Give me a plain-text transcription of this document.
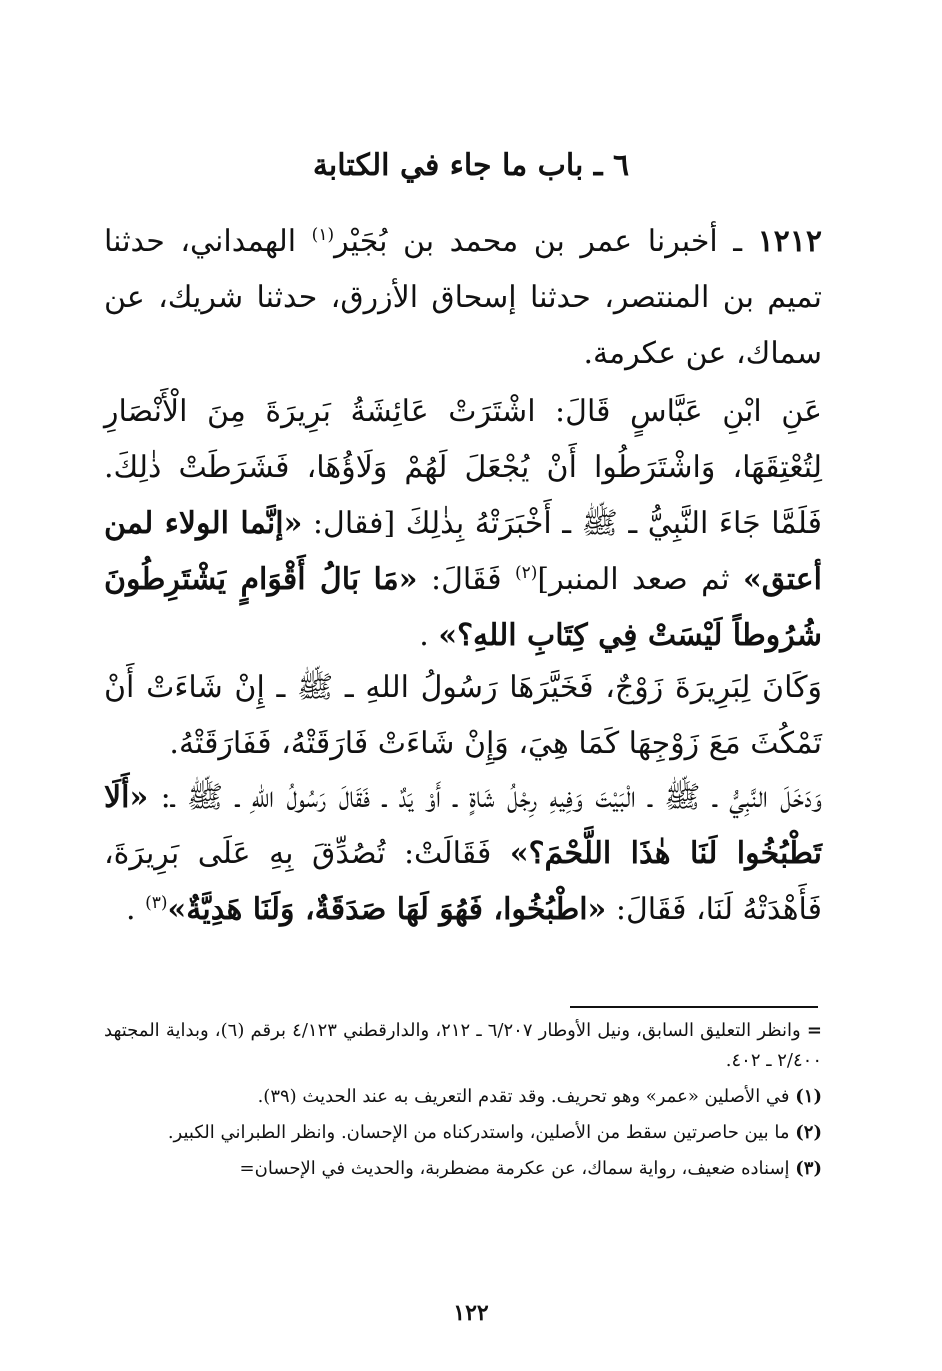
٦ ـ باب ما جاء في الكتابة
١٢١٢ ـ أخبرنا عمر بن محمد بن بُجَيْر$^{(١)}$ الهمداني، حدثنا تميم بن المنتصر، حدثنا إسحاق الأزرق، حدثنا شريك، عن سماك، عن عكرمة.
عَنِ ابْنِ عَبَّاسٍ قَالَ: اشْتَرَتْ عَائِشَةُ بَرِيرَةَ مِنَ الْأَنْصَارِ لِتُعْتِقَهَا، وَاشْتَرَطُوا أَنْ يُجْعَلَ لَهُمْ وَلَاؤُهَا، فَشَرَطَتْ ذٰلِكَ. فَلَمَّا جَاءَ النَّبِيُّ ـ ﷺ ـ أَخْبَرَتْهُ بِذٰلِكَ [فقال: «إنَّما الولاء لمن أعتق» ثم صعد المنبر]$^{(٢)}$ فَقَالَ: «مَا بَالُ أَقْوَامٍ يَشْتَرِطُونَ شُرُوطاً لَيْسَتْ فِي كِتَابِ اللهِ؟» .
وَكَانَ لِبَرِيرَةَ زَوْجٌ، فَخَيَّرَهَا رَسُولُ اللهِ ـ ﷺ ـ إِنْ شَاءَتْ أَنْ تَمْكُثَ مَعَ زَوْجِهَا كَمَا هِيَ، وَإِنْ شَاءَتْ فَارَقَتْهُ، فَفَارَقَتْهُ.
وَدَخَلَ النَّبِيُّ ـ ﷺ ـ الْبَيْتَ وَفِيهِ رِجْلُ شَاةٍ ـ أَوْ يَدٌ ـ فَقَالَ رَسُولُ اللهِ ـ ﷺ ـ: «أَلَا تَطْبُخُوا لَنَا هٰذَا اللَّحْمَ؟» فَقَالَتْ: تُصُدِّقَ بِهِ عَلَى بَرِيرَةَ، فَأَهْدَتْهُ لَنَا، فَقَالَ: «اطْبُخُوا، فَهُوَ لَهَا صَدَقَةٌ، وَلَنَا هَدِيَّةٌ»$^{(٣)}$ .

= وانظر التعليق السابق، ونيل الأوطار ٦/٢٠٧ ـ ٢١٢، والدارقطني ٤/١٢٣ برقم (٦)، وبداية المجتهد ٢/٤٠٠ ـ ٤٠٢.

(١) في الأصلين «عمر» وهو تحريف. وقد تقدم التعريف به عند الحديث (٣٩).

(٢) ما بين حاصرتين سقط من الأصلين، واستدركناه من الإحسان. وانظر الطبراني الكبير.

(٣) إسناده ضعيف، رواية سماك، عن عكرمة مضطربة، والحديث في الإحسان=

١٢٢
